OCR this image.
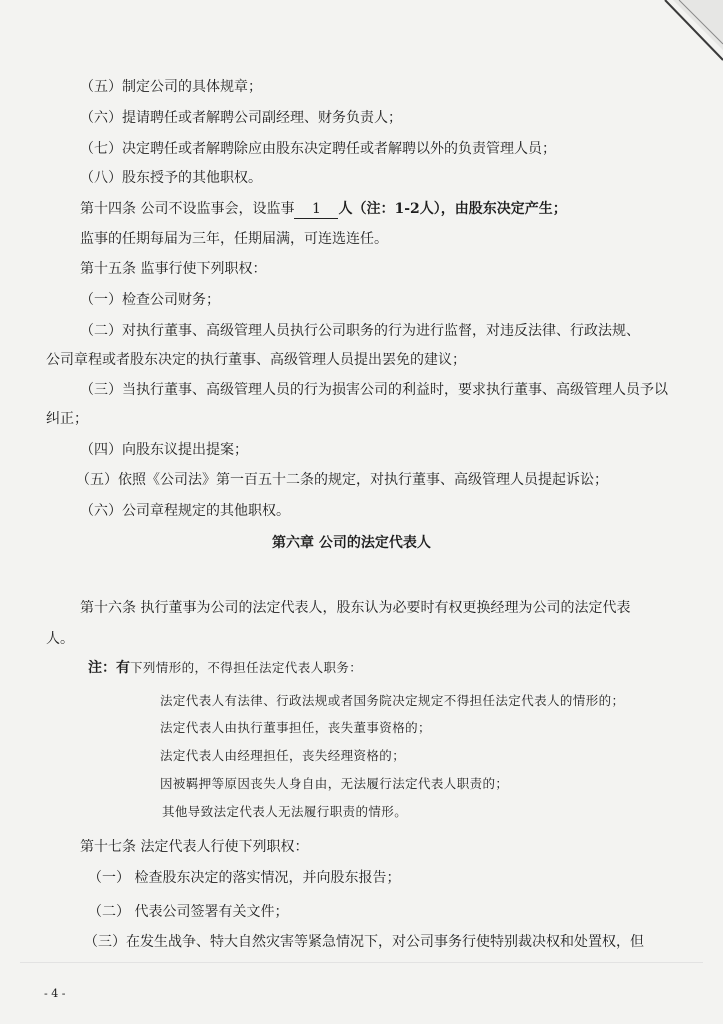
（五）制定公司的具体规章；
（六）提请聘任或者解聘公司副经理、财务负责人；
（七）决定聘任或者解聘除应由股东决定聘任或者解聘以外的负责管理人员；
（八）股东授予的其他职权。
第十四条 公司不设监事会，设监事 1 人（注：1-2人），由股东决定产生；
监事的任期每届为三年，任期届满，可连选连任。
第十五条 监事行使下列职权：
（一）检查公司财务；
（二）对执行董事、高级管理人员执行公司职务的行为进行监督，对违反法律、行政法规、
公司章程或者股东决定的执行董事、高级管理人员提出罢免的建议；
（三）当执行董事、高级管理人员的行为损害公司的利益时，要求执行董事、高级管理人员予以
纠正；
（四）向股东议提出提案；
（五）依照《公司法》第一百五十二条的规定，对执行董事、高级管理人员提起诉讼；
（六）公司章程规定的其他职权。
第六章 公司的法定代表人
第十六条 执行董事为公司的法定代表人，股东认为必要时有权更换经理为公司的法定代表
人。
注：有下列情形的，不得担任法定代表人职务：
法定代表人有法律、行政法规或者国务院决定规定不得担任法定代表人的情形的；
法定代表人由执行董事担任，丧失董事资格的；
法定代表人由经理担任，丧失经理资格的；
因被羁押等原因丧失人身自由，无法履行法定代表人职责的；
其他导致法定代表人无法履行职责的情形。
第十七条 法定代表人行使下列职权：
（一） 检查股东决定的落实情况，并向股东报告；
（二） 代表公司签署有关文件；
（三）在发生战争、特大自然灾害等紧急情况下，对公司事务行使特别裁决权和处置权，但
- 4 -
